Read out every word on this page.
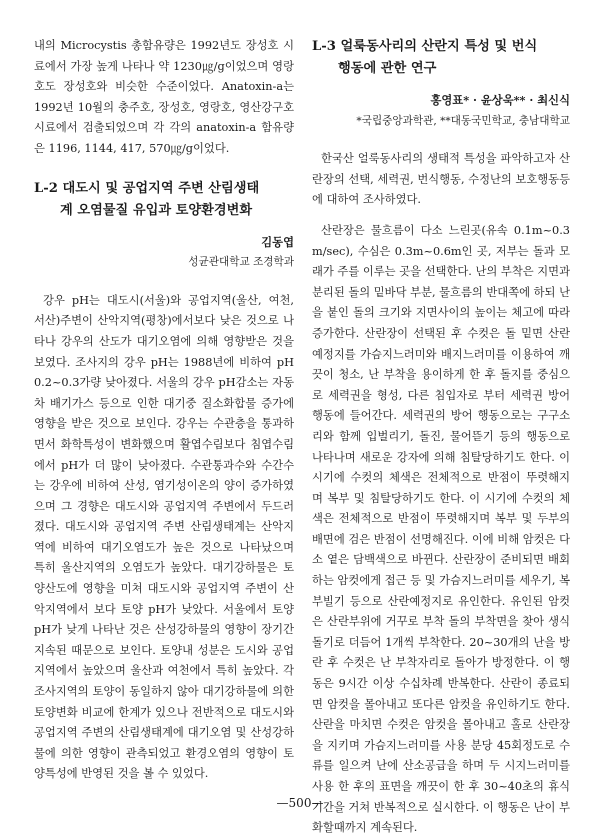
내의 Microcystis 총함유량은 1992년도 장성호 시료에서 가장 높게 나타나 약 1230㎍/g이었으며 영랑호도 장성호와 비슷한 수준이었다. Anatoxin-a는 1992년 10월의 충주호, 장성호, 영랑호, 영산강구호 시료에서 검출되었으며 각 각의 anatoxin-a 함유량은 1196, 1144, 417, 570㎍/g이었다.

L-2 대도시 및 공업지역 주변 산림생태
계 오염물질 유입과 토양환경변화

김동엽

성균관대학교 조경학과

강우 pH는 대도시(서울)와 공업지역(울산, 여천, 서산)주변이 산악지역(평창)에서보다 낮은 것으로 나타나 강우의 산도가 대기오염에 의해 영향받은 것을 보였다. 조사지의 강우 pH는 1988년에 비하여 pH 0.2~0.3가량 낮아졌다. 서울의 강우 pH감소는 자동차 배기가스 등으로 인한 대기중 질소화합물 증가에 영향을 받은 것으로 보인다. 강우는 수관층을 통과하면서 화학특성이 변화했으며 활엽수림보다 침엽수림에서 pH가 더 많이 낮아졌다. 수관통과수와 수간수는 강우에 비하여 산성, 염기성이온의 양이 증가하였으며 그 경향은 대도시와 공업지역 주변에서 두드러졌다. 대도시와 공업지역 주변 산림생태계는 산악지역에 비하여 대기오염도가 높은 것으로 나타났으며 특히 울산지역의 오염도가 높았다. 대기강하물은 토양산도에 영향을 미쳐 대도시와 공업지역 주변이 산악지역에서 보다 토양 pH가 낮았다. 서울에서 토양 pH가 낮게 나타난 것은 산성강하물의 영향이 장기간 지속된 때문으로 보인다. 토양내 성분은 도시와 공업지역에서 높았으며 울산과 여천에서 특히 높았다. 각 조사지역의 토양이 동일하지 않아 대기강하물에 의한 토양변화 비교에 한계가 있으나 전반적으로 대도시와 공업지역 주변의 산림생태계에 대기오염 및 산성강하물에 의한 영향이 관측되었고 환경오염의 영향이 토양특성에 반영된 것을 볼 수 있었다.

L-3 얼룩동사리의 산란지 특성 및 번식
행동에 관한 연구

홍영표* · 윤상욱** · 최신식

*국립중앙과학관, **대동국민학교, 충남대학교

한국산 얼룩동사리의 생태적 특성을 파악하고자 산란장의 선택, 세력권, 번식행동, 수정난의 보호행동등에 대하여 조사하였다.

산란장은 물흐름이 다소 느린곳(유속 0.1m~0.3 m/sec), 수심은 0.3m~0.6m인 곳, 저부는 돌과 모래가 주를 이루는 곳을 선택한다. 난의 부착은 지면과 분리된 돌의 밑바닥 부분, 물흐름의 반대쪽에 하되 난을 붙인 돌의 크기와 지면사이의 높이는 체고에 따라 증가한다. 산란장이 선택된 후 수컷은 돌 밑면 산란 예정지를 가슴지느러미와 배지느러미를 이용하여 깨끗이 청소, 난 부착을 용이하게 한 후 돌지를 중심으로 세력권을 형성, 다른 침입자로 부터 세력권 방어 행동에 들어간다. 세력권의 방어 행동으로는 구구소리와 함께 입벌리기, 돌진, 물어뜯기 등의 행동으로 나타나며 새로운 강자에 의해 침탈당하기도 한다. 이 시기에 수컷의 체색은 전체적으로 반점이 뚜렷해지며 복부 및 침탈당하기도 한다. 이 시기에 수컷의 체색은 전체적으로 반점이 뚜렷해지며 복부 및 두부의 배면에 검은 반점이 선명해진다. 이에 비해 암컷은 다소 옅은 담백색으로 바뀐다. 산란장이 준비되면 배회하는 암컷에게 접근 등 및 가슴지느러미를 세우기, 복부빌기 등으로 산란예정지로 유인한다. 유인된 암컷은 산란부위에 거꾸로 부착 돌의 부착면을 찾아 생식돌기로 더듬어 1개씩 부착한다. 20~30개의 난을 방란 후 수컷은 난 부착자리로 돌아가 방정한다. 이 행동은 9시간 이상 수십차례 반복한다. 산란이 종료되면 암컷을 몰아내고 또다른 암컷을 유인하기도 한다. 산란을 마치면 수컷은 암컷을 몰아내고 홀로 산란장을 지키며 가슴지느러미를 사용 분당 45회정도로 수류를 일으켜 난에 산소공급을 하며 두 시지느러미를 사용 한 후의 표면을 깨끗이 한 후 30~40초의 휴식기간을 거쳐 반복적으로 실시한다. 이 행동은 난이 부화할때까지 계속된다.

—500—
